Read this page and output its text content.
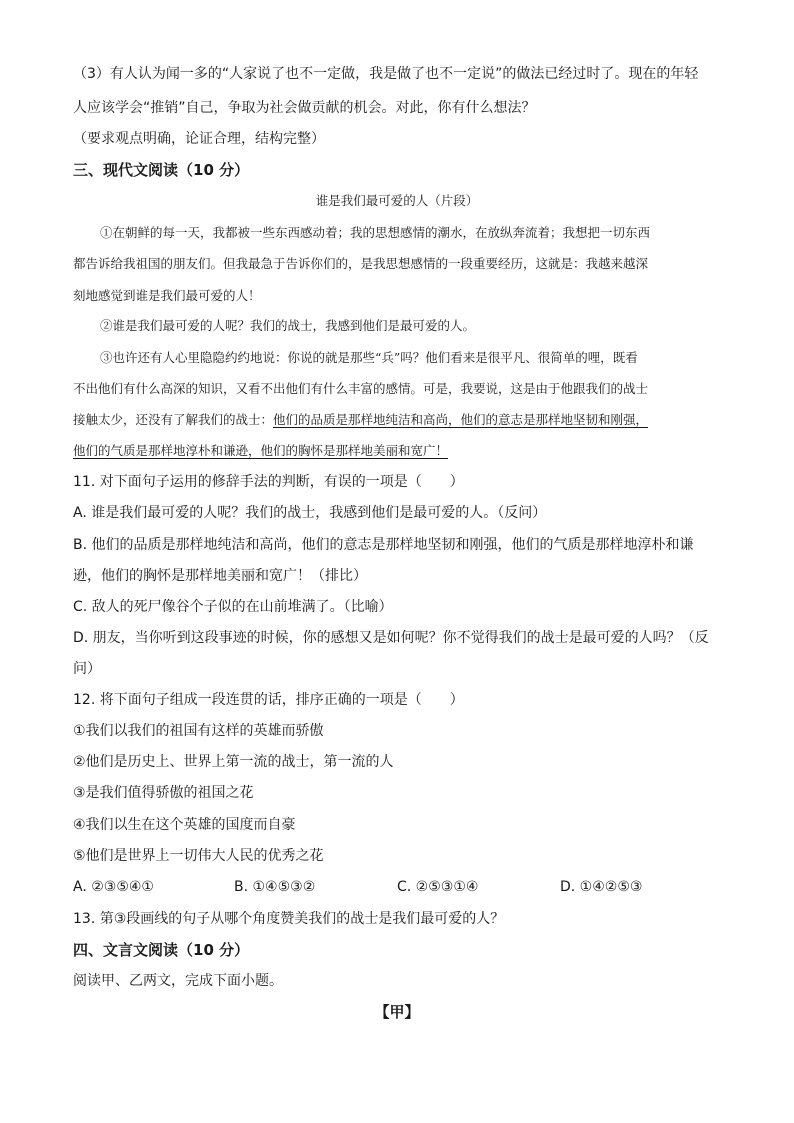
（3）有人认为闻一多的“人家说了也不一定做，我是做了也不一定说”的做法已经过时了。现在的年轻
人应该学会“推销”自己，争取为社会做贡献的机会。对此，你有什么想法？
（要求观点明确，论证合理，结构完整）
三、现代文阅读（10 分）
谁是我们最可爱的人（片段）
①在朝鲜的每一天，我都被一些东西感动着；我的思想感情的潮水，在放纵奔流着；我想把一切东西
都告诉给我祖国的朋友们。但我最急于告诉你们的，是我思想感情的一段重要经历，这就是：我越来越深
刻地感觉到谁是我们最可爱的人！
②谁是我们最可爱的人呢？我们的战士，我感到他们是最可爱的人。
③也许还有人心里隐隐约约地说：你说的就是那些“兵”吗？他们看来是很平凡、很简单的哩，既看
不出他们有什么高深的知识，又看不出他们有什么丰富的感情。可是，我要说，这是由于他跟我们的战士
接触太少，还没有了解我们的战士：他们的品质是那样地纯洁和高尚，他们的意志是那样地坚韧和刚强，
他们的气质是那样地淳朴和谦逊，他们的胸怀是那样地美丽和宽广！
11. 对下面句子运用的修辞手法的判断，有误的一项是（　　）
A. 谁是我们最可爱的人呢？我们的战士，我感到他们是最可爱的人。（反问）
B. 他们的品质是那样地纯洁和高尚，他们的意志是那样地坚韧和刚强，他们的气质是那样地淳朴和谦
逊，他们的胸怀是那样地美丽和宽广！（排比）
C. 敌人的死尸像谷个子似的在山前堆满了。（比喻）
D. 朋友，当你听到这段事迹的时候，你的感想又是如何呢？你不觉得我们的战士是最可爱的人吗？（反
问）
12. 将下面句子组成一段连贯的话，排序正确的一项是（　　）
①我们以我们的祖国有这样的英雄而骄傲
②他们是历史上、世界上第一流的战士，第一流的人
③是我们值得骄傲的祖国之花
④我们以生在这个英雄的国度而自豪
⑤他们是世界上一切伟大人民的优秀之花
A. ②③⑤④①	B. ①④⑤③②	C. ②⑤③①④	D. ①④②⑤③
13. 第③段画线的句子从哪个角度赞美我们的战士是我们最可爱的人？
四、文言文阅读（10 分）
阅读甲、乙两文，完成下面小题。
【甲】
